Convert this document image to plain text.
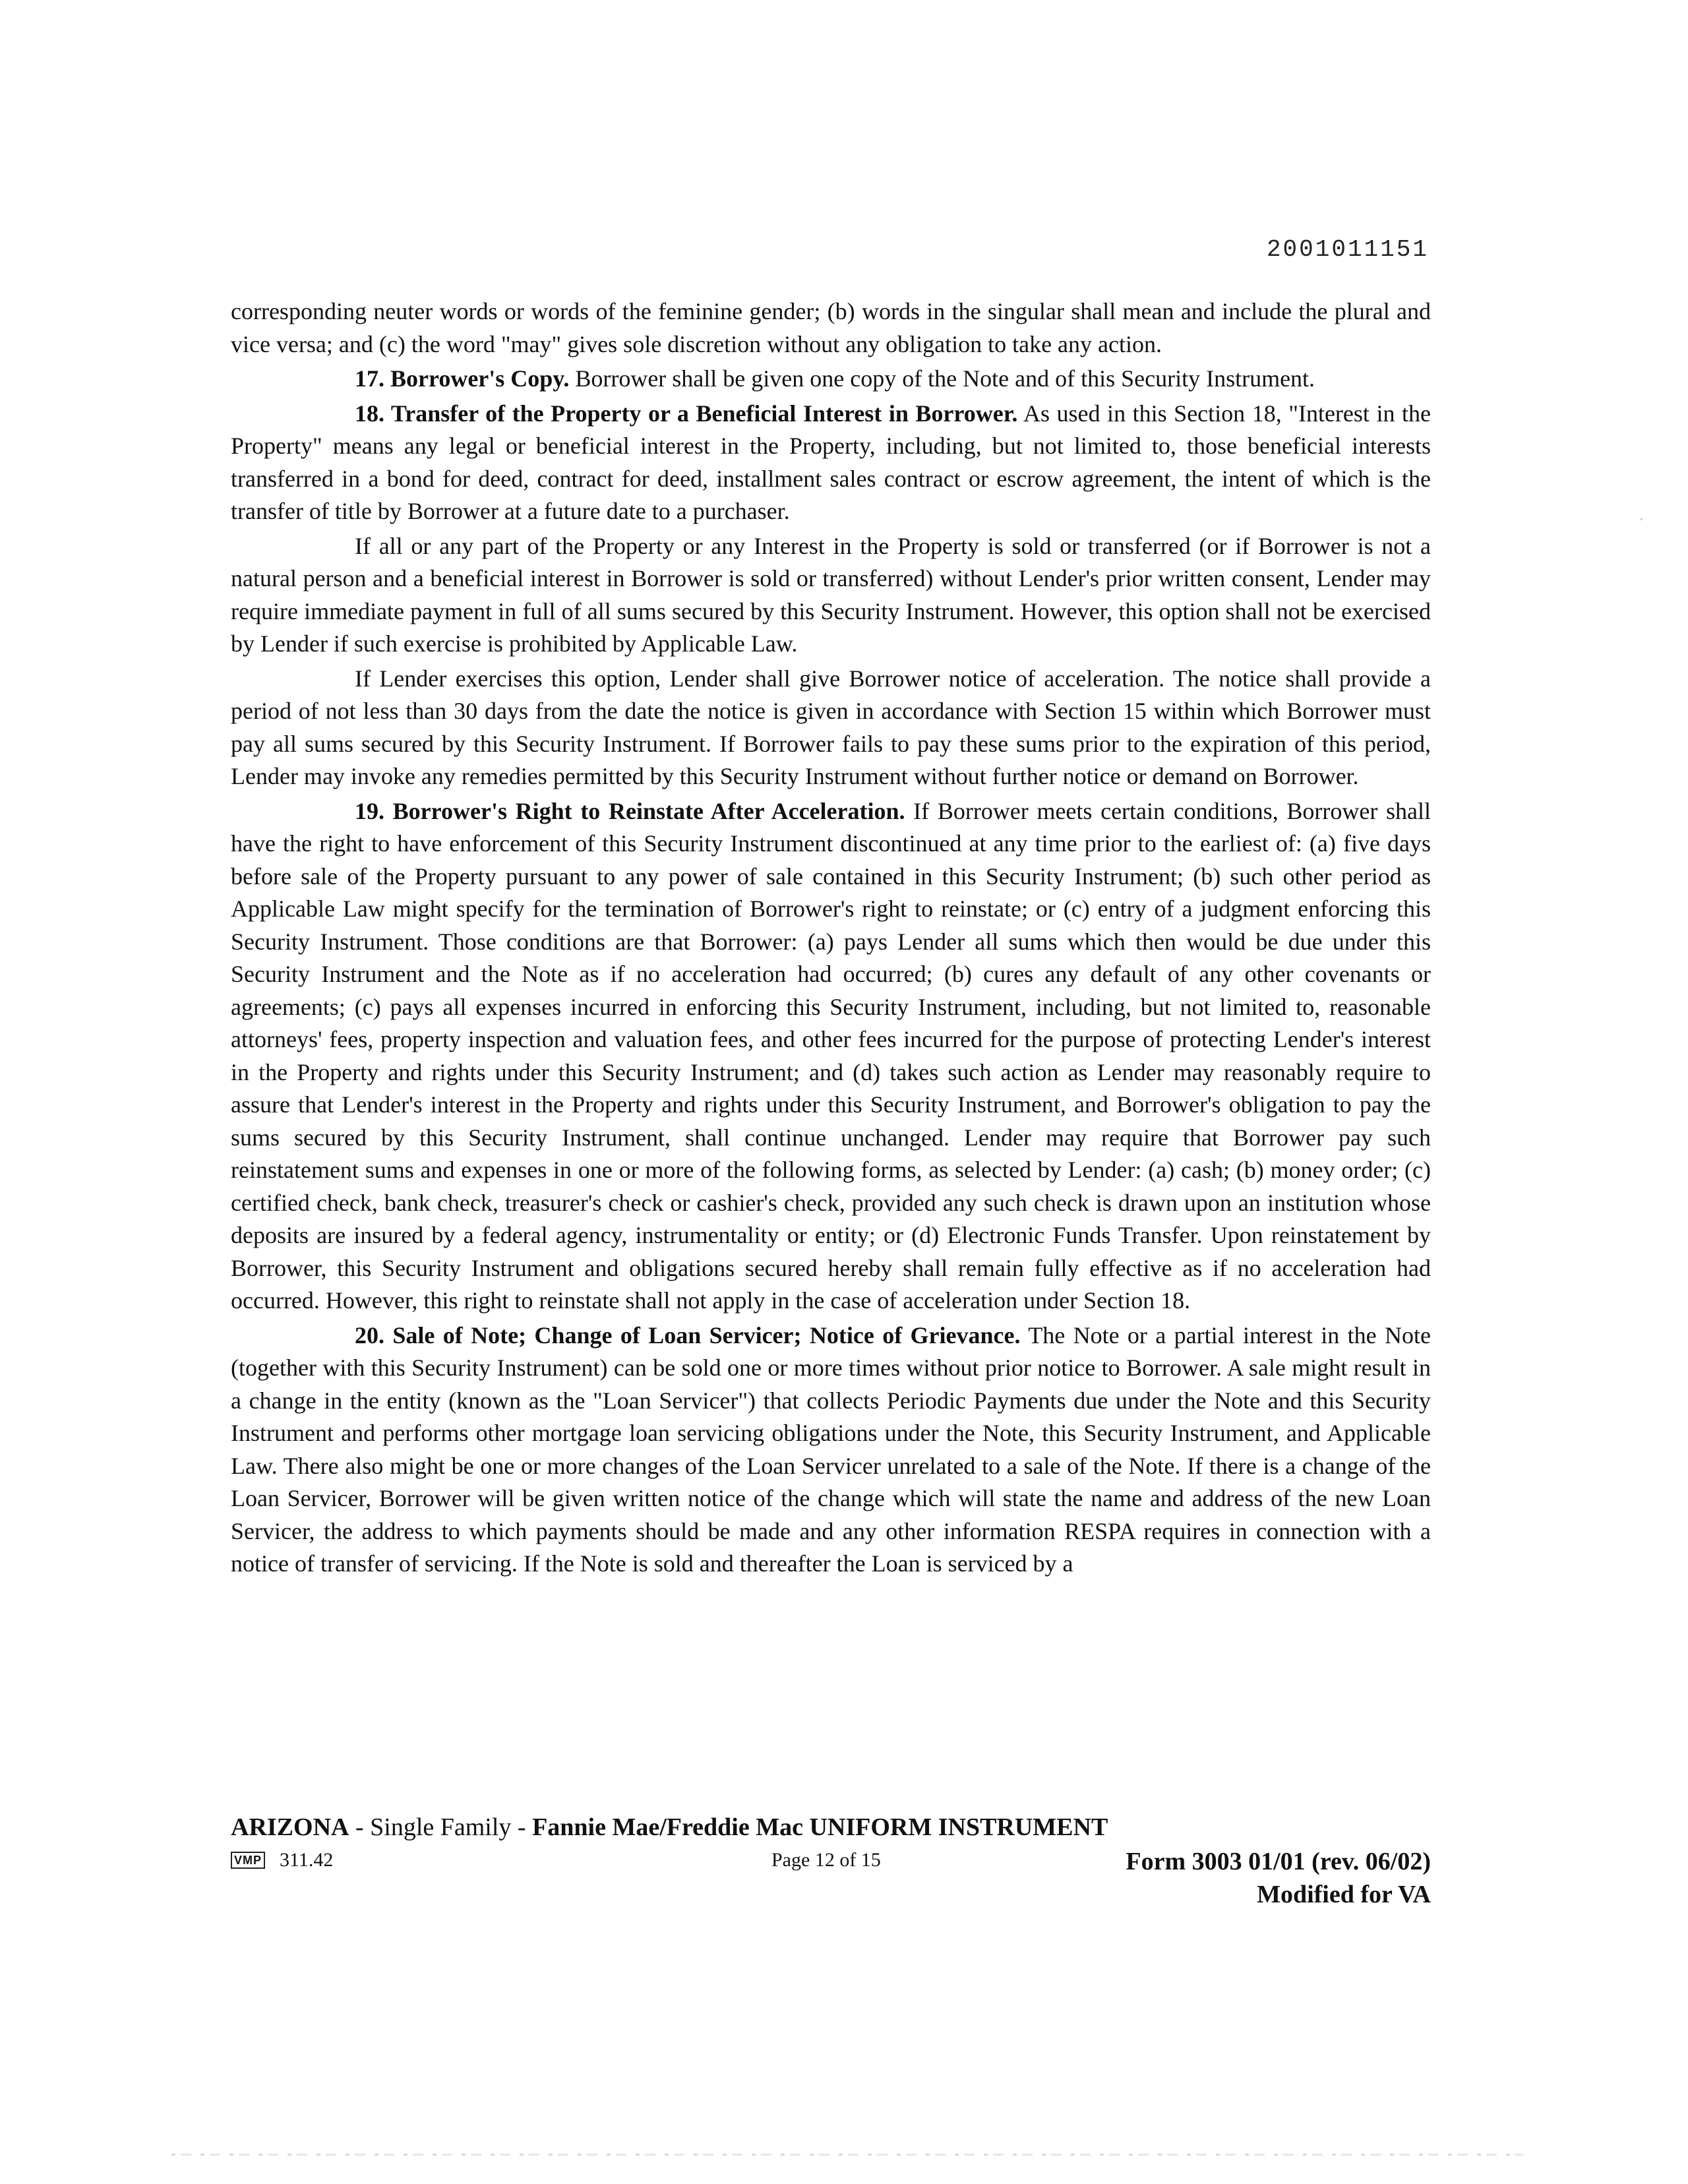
2001011151

corresponding neuter words or words of the feminine gender; (b) words in the singular shall mean and include the plural and vice versa; and (c) the word "may" gives sole discretion without any obligation to take any action.

17. Borrower's Copy. Borrower shall be given one copy of the Note and of this Security Instrument.

18. Transfer of the Property or a Beneficial Interest in Borrower. As used in this Section 18, "Interest in the Property" means any legal or beneficial interest in the Property, including, but not limited to, those beneficial interests transferred in a bond for deed, contract for deed, installment sales contract or escrow agreement, the intent of which is the transfer of title by Borrower at a future date to a purchaser.

If all or any part of the Property or any Interest in the Property is sold or transferred (or if Borrower is not a natural person and a beneficial interest in Borrower is sold or transferred) without Lender's prior written consent, Lender may require immediate payment in full of all sums secured by this Security Instrument. However, this option shall not be exercised by Lender if such exercise is prohibited by Applicable Law.

If Lender exercises this option, Lender shall give Borrower notice of acceleration. The notice shall provide a period of not less than 30 days from the date the notice is given in accordance with Section 15 within which Borrower must pay all sums secured by this Security Instrument. If Borrower fails to pay these sums prior to the expiration of this period, Lender may invoke any remedies permitted by this Security Instrument without further notice or demand on Borrower.

19. Borrower's Right to Reinstate After Acceleration. If Borrower meets certain conditions, Borrower shall have the right to have enforcement of this Security Instrument discontinued at any time prior to the earliest of: (a) five days before sale of the Property pursuant to any power of sale contained in this Security Instrument; (b) such other period as Applicable Law might specify for the termination of Borrower's right to reinstate; or (c) entry of a judgment enforcing this Security Instrument. Those conditions are that Borrower: (a) pays Lender all sums which then would be due under this Security Instrument and the Note as if no acceleration had occurred; (b) cures any default of any other covenants or agreements; (c) pays all expenses incurred in enforcing this Security Instrument, including, but not limited to, reasonable attorneys' fees, property inspection and valuation fees, and other fees incurred for the purpose of protecting Lender's interest in the Property and rights under this Security Instrument; and (d) takes such action as Lender may reasonably require to assure that Lender's interest in the Property and rights under this Security Instrument, and Borrower's obligation to pay the sums secured by this Security Instrument, shall continue unchanged. Lender may require that Borrower pay such reinstatement sums and expenses in one or more of the following forms, as selected by Lender: (a) cash; (b) money order; (c) certified check, bank check, treasurer's check or cashier's check, provided any such check is drawn upon an institution whose deposits are insured by a federal agency, instrumentality or entity; or (d) Electronic Funds Transfer. Upon reinstatement by Borrower, this Security Instrument and obligations secured hereby shall remain fully effective as if no acceleration had occurred. However, this right to reinstate shall not apply in the case of acceleration under Section 18.

20. Sale of Note; Change of Loan Servicer; Notice of Grievance. The Note or a partial interest in the Note (together with this Security Instrument) can be sold one or more times without prior notice to Borrower. A sale might result in a change in the entity (known as the "Loan Servicer") that collects Periodic Payments due under the Note and this Security Instrument and performs other mortgage loan servicing obligations under the Note, this Security Instrument, and Applicable Law. There also might be one or more changes of the Loan Servicer unrelated to a sale of the Note. If there is a change of the Loan Servicer, Borrower will be given written notice of the change which will state the name and address of the new Loan Servicer, the address to which payments should be made and any other information RESPA requires in connection with a notice of transfer of servicing. If the Note is sold and thereafter the Loan is serviced by a

ARIZONA - Single Family - Fannie Mae/Freddie Mac UNIFORM INSTRUMENT
VMP 311.42	Page 12 of 15	Form 3003 01/01 (rev. 06/02)
Modified for VA
